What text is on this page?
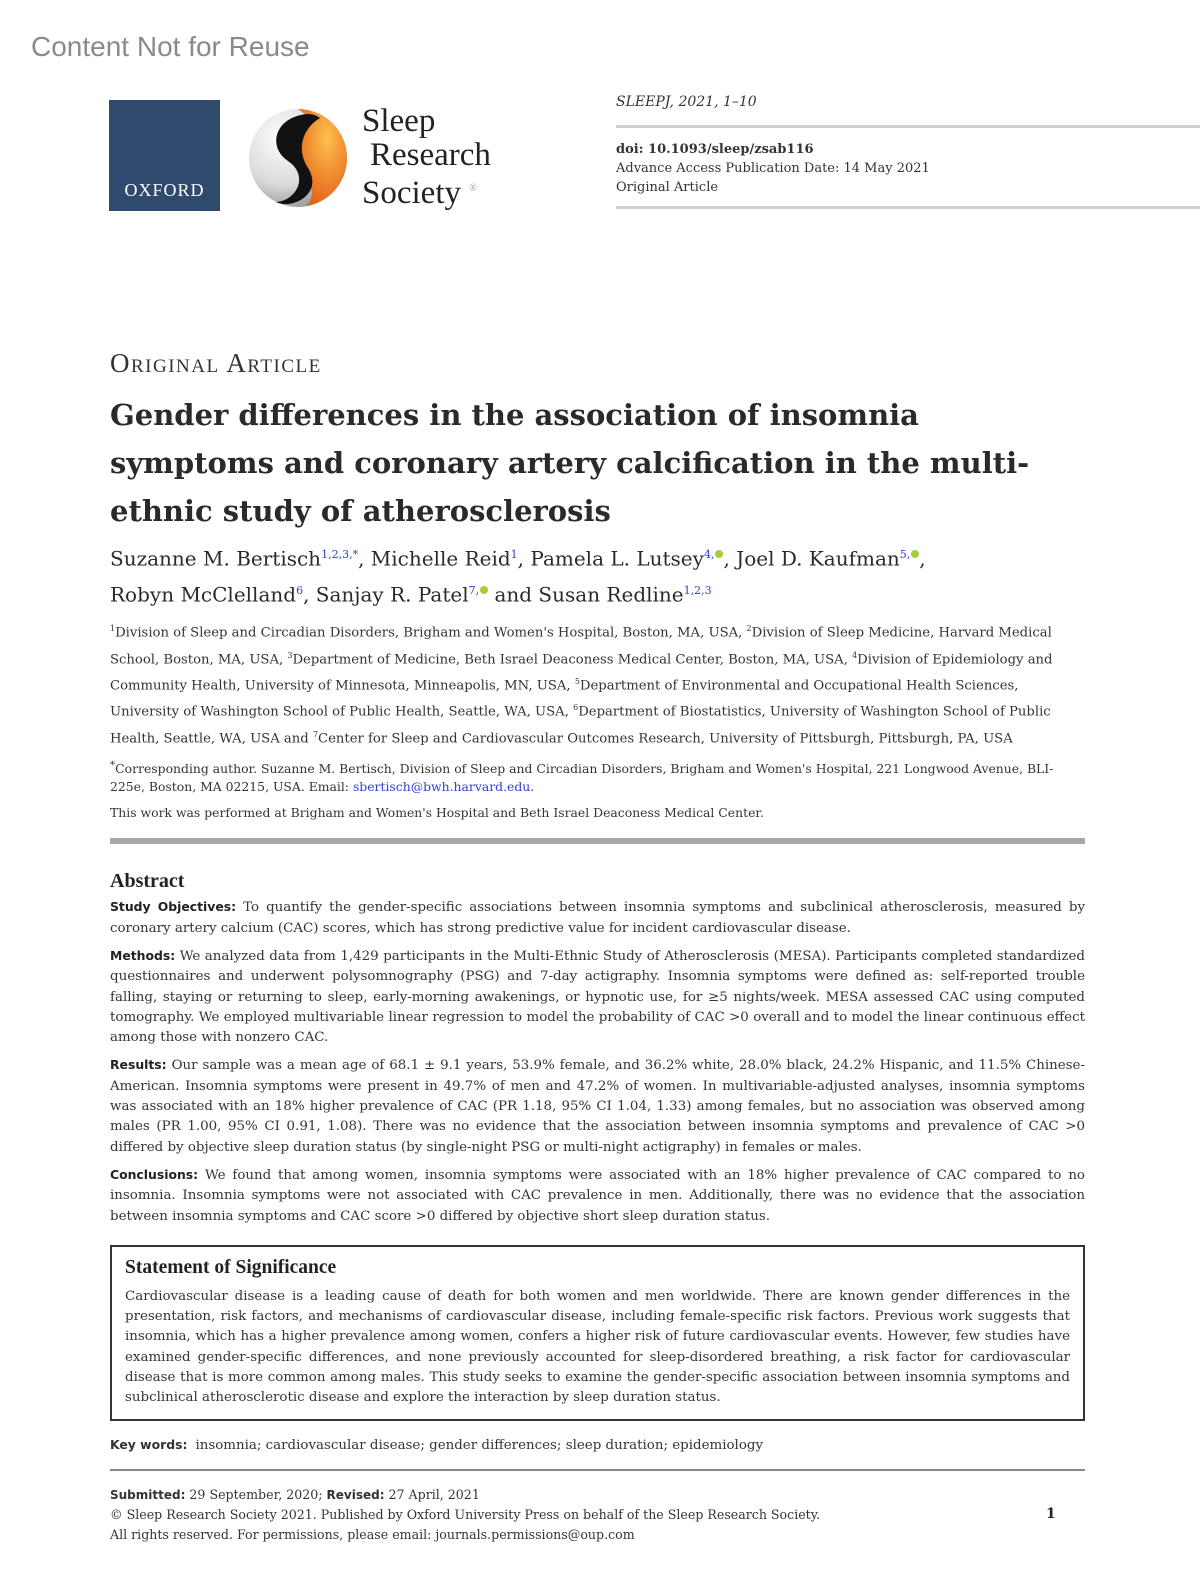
Content Not for Reuse
OXFORD
Sleep
Research
Society ®
SLEEPJ, 2021, 1–10
doi: 10.1093/sleep/zsab116
Advance Access Publication Date: 14 May 2021
Original Article
Original Article
Gender differences in the association of insomnia symptoms and coronary artery calcification in the multi-ethnic study of atherosclerosis
Suzanne M. Bertisch$^{1,2,3,*}$, Michelle Reid$^1$, Pamela L. Lutsey$^{4,}$ , Joel D. Kaufman$^{5,}$ ,
Robyn McClelland$^6$, Sanjay R. Patel$^{7,}$ and Susan Redline$^{1,2,3}$
$^1$Division of Sleep and Circadian Disorders, Brigham and Women's Hospital, Boston, MA, USA, $^2$Division of Sleep Medicine, Harvard Medical School, Boston, MA, USA, $^3$Department of Medicine, Beth Israel Deaconess Medical Center, Boston, MA, USA, $^4$Division of Epidemiology and Community Health, University of Minnesota, Minneapolis, MN, USA, $^5$Department of Environmental and Occupational Health Sciences, University of Washington School of Public Health, Seattle, WA, USA, $^6$Department of Biostatistics, University of Washington School of Public Health, Seattle, WA, USA and $^7$Center for Sleep and Cardiovascular Outcomes Research, University of Pittsburgh, Pittsburgh, PA, USA
*Corresponding author. Suzanne M. Bertisch, Division of Sleep and Circadian Disorders, Brigham and Women's Hospital, 221 Longwood Avenue, BLI-225e, Boston, MA 02215, USA. Email: sbertisch@bwh.harvard.edu.
This work was performed at Brigham and Women's Hospital and Beth Israel Deaconess Medical Center.
Abstract

Study Objectives: To quantify the gender-specific associations between insomnia symptoms and subclinical atherosclerosis, measured by coronary artery calcium (CAC) scores, which has strong predictive value for incident cardiovascular disease.

Methods: We analyzed data from 1,429 participants in the Multi-Ethnic Study of Atherosclerosis (MESA). Participants completed standardized questionnaires and underwent polysomnography (PSG) and 7-day actigraphy. Insomnia symptoms were defined as: self-reported trouble falling, staying or returning to sleep, early-morning awakenings, or hypnotic use, for ≥5 nights/week. MESA assessed CAC using computed tomography. We employed multivariable linear regression to model the probability of CAC >0 overall and to model the linear continuous effect among those with nonzero CAC.

Results: Our sample was a mean age of 68.1 ± 9.1 years, 53.9% female, and 36.2% white, 28.0% black, 24.2% Hispanic, and 11.5% Chinese-American. Insomnia symptoms were present in 49.7% of men and 47.2% of women. In multivariable-adjusted analyses, insomnia symptoms was associated with an 18% higher prevalence of CAC (PR 1.18, 95% CI 1.04, 1.33) among females, but no association was observed among males (PR 1.00, 95% CI 0.91, 1.08). There was no evidence that the association between insomnia symptoms and prevalence of CAC >0 differed by objective sleep duration status (by single-night PSG or multi-night actigraphy) in females or males.

Conclusions: We found that among women, insomnia symptoms were associated with an 18% higher prevalence of CAC compared to no insomnia. Insomnia symptoms were not associated with CAC prevalence in men. Additionally, there was no evidence that the association between insomnia symptoms and CAC score >0 differed by objective short sleep duration status.

Statement of Significance
Cardiovascular disease is a leading cause of death for both women and men worldwide. There are known gender differences in the presentation, risk factors, and mechanisms of cardiovascular disease, including female-specific risk factors. Previous work suggests that insomnia, which has a higher prevalence among women, confers a higher risk of future cardiovascular events. However, few studies have examined gender-specific differences, and none previously accounted for sleep-disordered breathing, a risk factor for cardiovascular disease that is more common among males. This study seeks to examine the gender-specific association between insomnia symptoms and subclinical atherosclerotic disease and explore the interaction by sleep duration status.
Key words: insomnia; cardiovascular disease; gender differences; sleep duration; epidemiology
Submitted: 29 September, 2020; Revised: 27 April, 2021
© Sleep Research Society 2021. Published by Oxford University Press on behalf of the Sleep Research Society.
All rights reserved. For permissions, please email: journals.permissions@oup.com
1
